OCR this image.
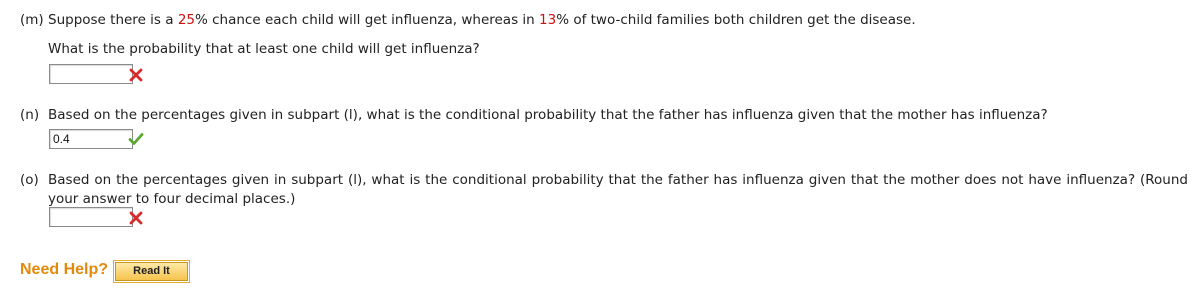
(m) Suppose there is a 25% chance each child will get influenza, whereas in 13% of two-child families both children get the disease.
What is the probability that at least one child will get influenza?
(n) Based on the percentages given in subpart (l), what is the conditional probability that the father has influenza given that the mother has influenza?
0.4
(o) Based on the percentages given in subpart (l), what is the conditional probability that the father has influenza given that the mother does not have influenza? (Round your answer to four decimal places.)
Need Help?	Read It
